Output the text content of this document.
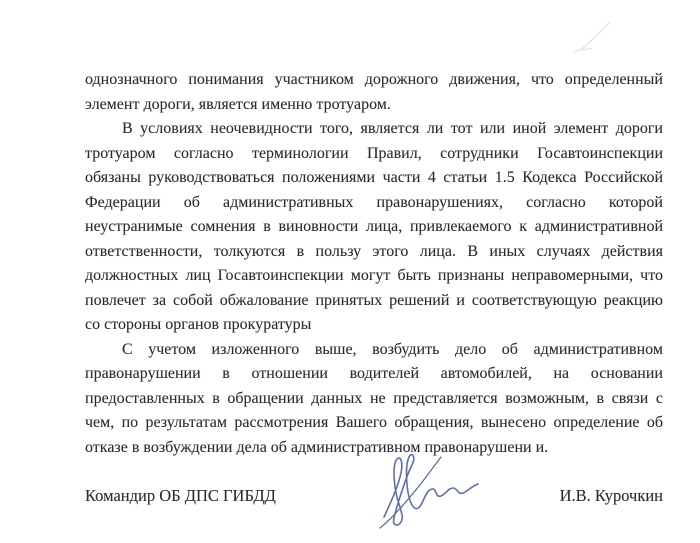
однозначного понимания участником дорожного движения, что определенный
элемент дороги, является именно тротуаром.
В условиях неочевидности того, является ли тот или иной элемент дороги
тротуаром согласно терминологии Правил, сотрудники Госавтоинспекции
обязаны руководствоваться положениями части 4 статьи 1.5 Кодекса Российской
Федерации об административных правонарушениях, согласно которой
неустранимые сомнения в виновности лица, привлекаемого к административной
ответственности, толкуются в пользу этого лица. В иных случаях действия
должностных лиц Госавтоинспекции могут быть признаны неправомерными, что
повлечет за собой обжалование принятых решений и соответствующую реакцию
со стороны органов прокуратуры
С учетом изложенного выше, возбудить дело об административном
правонарушении в отношении водителей автомобилей, на основании
предоставленных в обращении данных не представляется возможным, в связи с
чем, по результатам рассмотрения Вашего обращения, вынесено определение об
отказе в возбуждении дела об административном правонарушени и.
Командир ОБ ДПС ГИБДД	И.В. Курочкин
